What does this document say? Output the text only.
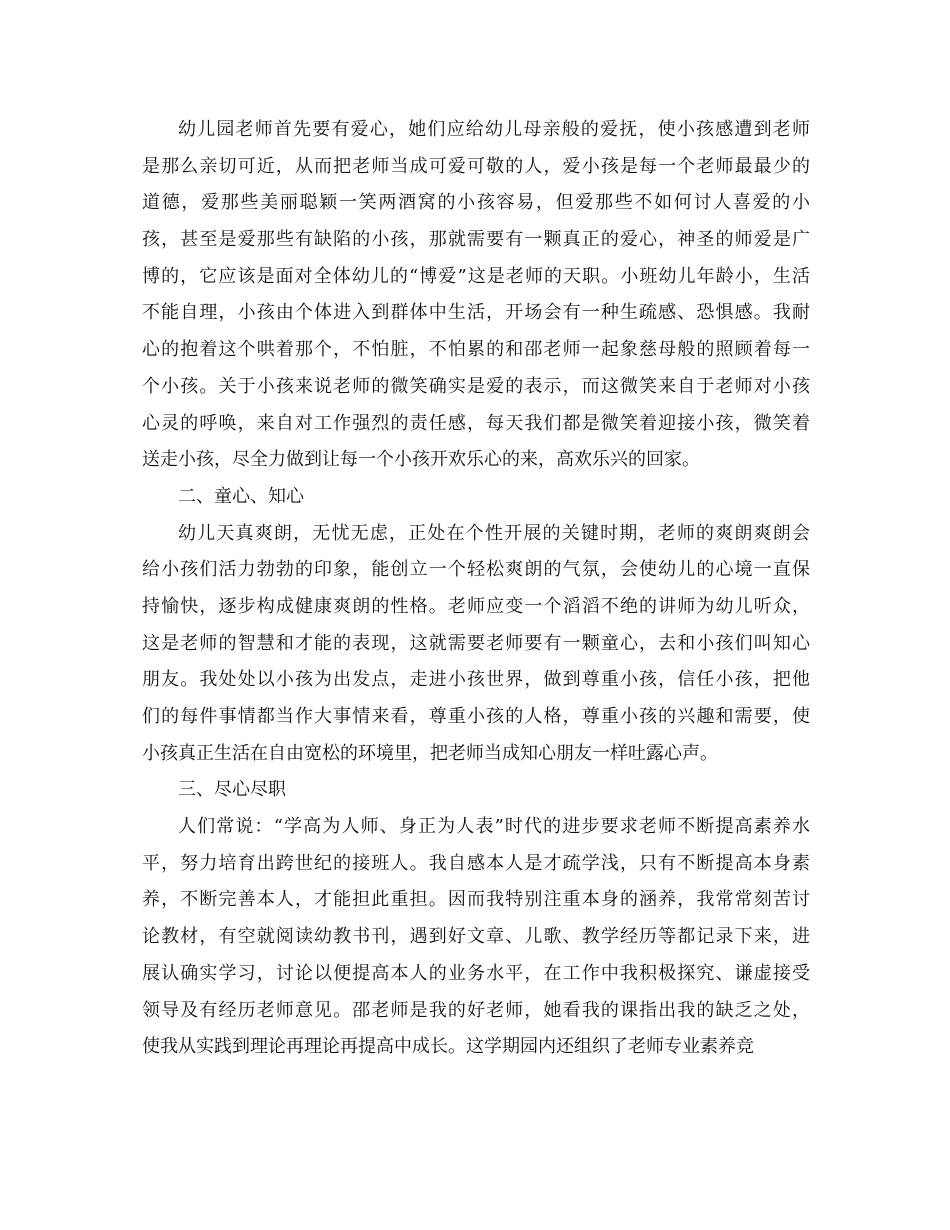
幼儿园老师首先要有爱心，她们应给幼儿母亲般的爱抚，使小孩感遭到老师
是那么亲切可近，从而把老师当成可爱可敬的人，爱小孩是每一个老师最最少的
道德，爱那些美丽聪颖一笑两酒窝的小孩容易，但爱那些不如何讨人喜爱的小
孩，甚至是爱那些有缺陷的小孩，那就需要有一颗真正的爱心，神圣的师爱是广
博的，它应该是面对全体幼儿的“博爱”这是老师的天职。小班幼儿年龄小，生活
不能自理，小孩由个体进入到群体中生活，开场会有一种生疏感、恐惧感。我耐
心的抱着这个哄着那个，不怕脏，不怕累的和邵老师一起象慈母般的照顾着每一
个小孩。关于小孩来说老师的微笑确实是爱的表示，而这微笑来自于老师对小孩
心灵的呼唤，来自对工作强烈的责任感，每天我们都是微笑着迎接小孩，微笑着
送走小孩，尽全力做到让每一个小孩开欢乐心的来，高欢乐兴的回家。
二、童心、知心
幼儿天真爽朗，无忧无虑，正处在个性开展的关键时期，老师的爽朗爽朗会
给小孩们活力勃勃的印象，能创立一个轻松爽朗的气氛，会使幼儿的心境一直保
持愉快，逐步构成健康爽朗的性格。老师应变一个滔滔不绝的讲师为幼儿听众，
这是老师的智慧和才能的表现，这就需要老师要有一颗童心，去和小孩们叫知心
朋友。我处处以小孩为出发点，走进小孩世界，做到尊重小孩，信任小孩，把他
们的每件事情都当作大事情来看，尊重小孩的人格，尊重小孩的兴趣和需要，使
小孩真正生活在自由宽松的环境里，把老师当成知心朋友一样吐露心声。
三、尽心尽职
人们常说：“学高为人师、身正为人表”时代的进步要求老师不断提高素养水
平，努力培育出跨世纪的接班人。我自感本人是才疏学浅，只有不断提高本身素
养，不断完善本人，才能担此重担。因而我特别注重本身的涵养，我常常刻苦讨
论教材，有空就阅读幼教书刊，遇到好文章、儿歌、教学经历等都记录下来，进
展认确实学习，讨论以便提高本人的业务水平，在工作中我积极探究、谦虚接受
领导及有经历老师意见。邵老师是我的好老师，她看我的课指出我的缺乏之处，
使我从实践到理论再理论再提高中成长。这学期园内还组织了老师专业素养竞
